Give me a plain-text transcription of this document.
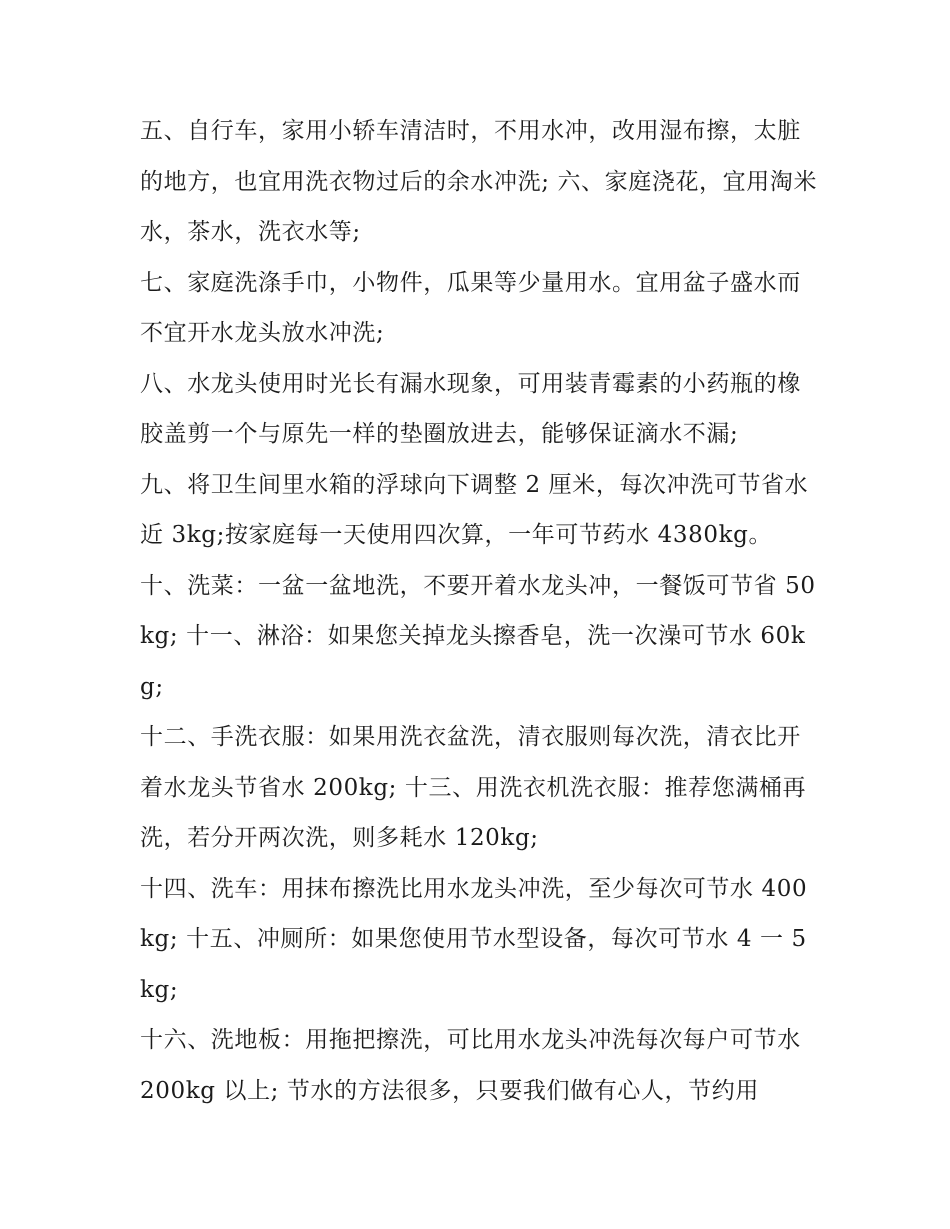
五、自行车，家用小轿车清洁时，不用水冲，改用湿布擦，太脏的地方，也宜用洗衣物过后的余水冲洗; 六、家庭浇花，宜用淘米水，茶水，洗衣水等;

七、家庭洗涤手巾，小物件，瓜果等少量用水。宜用盆子盛水而不宜开水龙头放水冲洗;

八、水龙头使用时光长有漏水现象，可用装青霉素的小药瓶的橡胶盖剪一个与原先一样的垫圈放进去，能够保证滴水不漏;

九、将卫生间里水箱的浮球向下调整 2 厘米，每次冲洗可节省水近 3kg;按家庭每一天使用四次算，一年可节药水 4380kg。

十、洗菜：一盆一盆地洗，不要开着水龙头冲，一餐饭可节省 50kg; 十一、淋浴：如果您关掉龙头擦香皂，洗一次澡可节水 60kg;

十二、手洗衣服：如果用洗衣盆洗，清衣服则每次洗，清衣比开着水龙头节省水 200kg; 十三、用洗衣机洗衣服：推荐您满桶再洗，若分开两次洗，则多耗水 120kg;

十四、洗车：用抹布擦洗比用水龙头冲洗，至少每次可节水 400kg; 十五、冲厕所：如果您使用节水型设备，每次可节水 4 一 5kg;

十六、洗地板：用拖把擦洗，可比用水龙头冲洗每次每户可节水 200kg 以上; 节水的方法很多，只要我们做有心人，节约用
